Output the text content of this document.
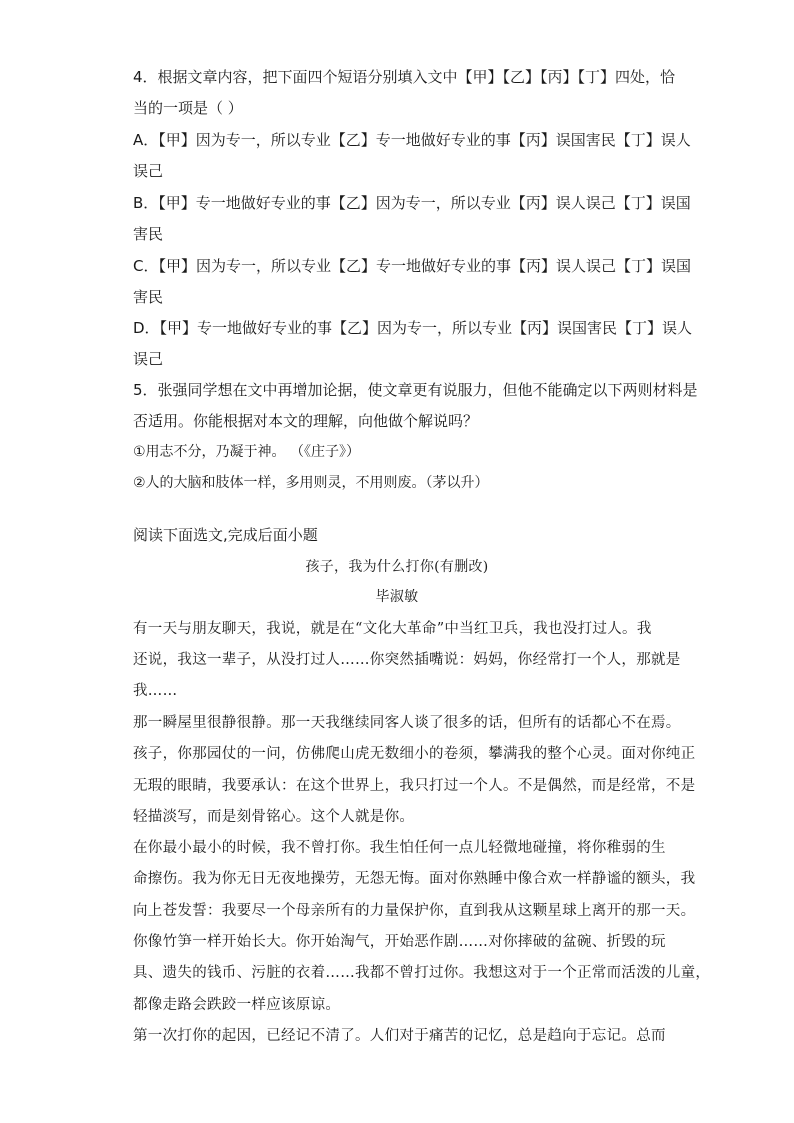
4．根据文章内容，把下面四个短语分别填入文中【甲】【乙】【丙】【丁】四处，恰
当的一项是（ ）
A．【甲】因为专一，所以专业【乙】专一地做好专业的事【丙】误国害民【丁】误人
误己
B．【甲】专一地做好专业的事【乙】因为专一，所以专业【丙】误人误己【丁】误国
害民
C．【甲】因为专一，所以专业【乙】专一地做好专业的事【丙】误人误己【丁】误国
害民
D．【甲】专一地做好专业的事【乙】因为专一，所以专业【丙】误国害民【丁】误人
误己
5．张强同学想在文中再增加论据，使文章更有说服力，但他不能确定以下两则材料是
否适用。你能根据对本文的理解，向他做个解说吗？
①用志不分，乃凝于神。 （《庄子》）
②人的大脑和肢体一样，多用则灵，不用则废。（茅以升）
阅读下面选文,完成后面小题
孩子，我为什么打你(有删改)
毕淑敏
有一天与朋友聊天，我说，就是在“文化大革命”中当红卫兵，我也没打过人。我
还说，我这一辈子，从没打过人……你突然插嘴说：妈妈，你经常打一个人，那就是
我……
那一瞬屋里很静很静。那一天我继续同客人谈了很多的话，但所有的话都心不在焉。
孩子，你那园仗的一问，仿佛爬山虎无数细小的卷须，攀满我的整个心灵。面对你纯正
无瑕的眼睛，我要承认：在这个世界上，我只打过一个人。不是偶然，而是经常，不是
轻描淡写，而是刻骨铭心。这个人就是你。
在你最小最小的时候，我不曾打你。我生怕任何一点儿轻微地碰撞，将你稚弱的生
命擦伤。我为你无日无夜地操劳，无怨无悔。面对你熟睡中像合欢一样静谧的额头，我
向上苍发誓：我要尽一个母亲所有的力量保护你，直到我从这颗星球上离开的那一天。
你像竹笋一样开始长大。你开始淘气，开始恶作剧……对你摔破的盆碗、折毁的玩
具、遗失的钱币、污脏的衣着……我都不曾打过你。我想这对于一个正常而活泼的儿童，
都像走路会跌跤一样应该原谅。
第一次打你的起因，已经记不清了。人们对于痛苦的记忆，总是趋向于忘记。总而
